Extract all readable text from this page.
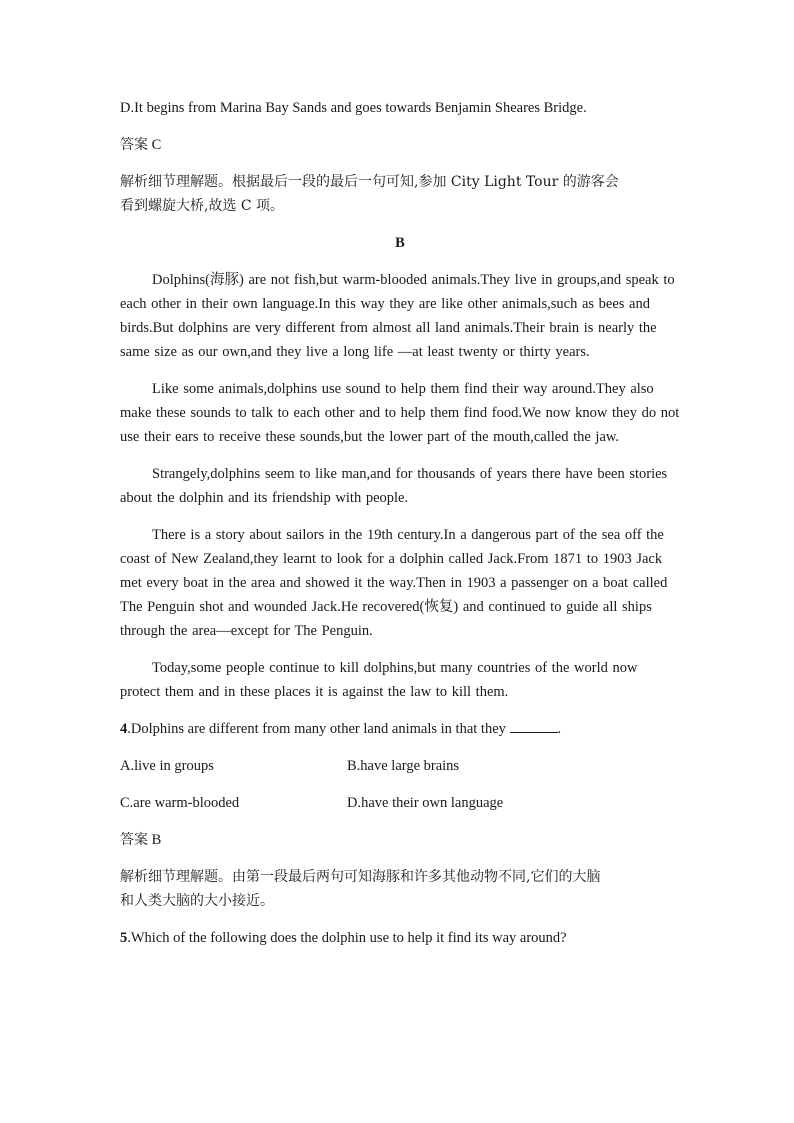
D.It begins from Marina Bay Sands and goes towards Benjamin Sheares Bridge.

答案 C

解析细节理解题。根据最后一段的最后一句可知,参加 City Light Tour 的游客会

看到螺旋大桥,故选 C 项。

B

Dolphins(海豚) are not fish,but warm-blooded animals.They live in groups,and speak to each other in their own language.In this way they are like other animals,such as bees and birds.But dolphins are very different from almost all land animals.Their brain is nearly the same size as our own,and they live a long life —at least twenty or thirty years.

Like some animals,dolphins use sound to help them find their way around.They also make these sounds to talk to each other and to help them find food.We now know they do not use their ears to receive these sounds,but the lower part of the mouth,called the jaw.

Strangely,dolphins seem to like man,and for thousands of years there have been stories about the dolphin and its friendship with people.

There is a story about sailors in the 19th century.In a dangerous part of the sea off the coast of New Zealand,they learnt to look for a dolphin called Jack.From 1871 to 1903 Jack met every boat in the area and showed it the way.Then in 1903 a passenger on a boat called The Penguin shot and wounded Jack.He recovered(恢复) and continued to guide all ships through the area—except for The Penguin.

Today,some people continue to kill dolphins,but many countries of the world now protect them and in these places it is against the law to kill them.

4.Dolphins are different from many other land animals in that they	.

A.live in groups	B.have large brains
C.are warm-blooded	D.have their own language

答案 B

解析细节理解题。由第一段最后两句可知海豚和许多其他动物不同,它们的大脑

和人类大脑的大小接近。

5.Which of the following does the dolphin use to help it find its way around?
